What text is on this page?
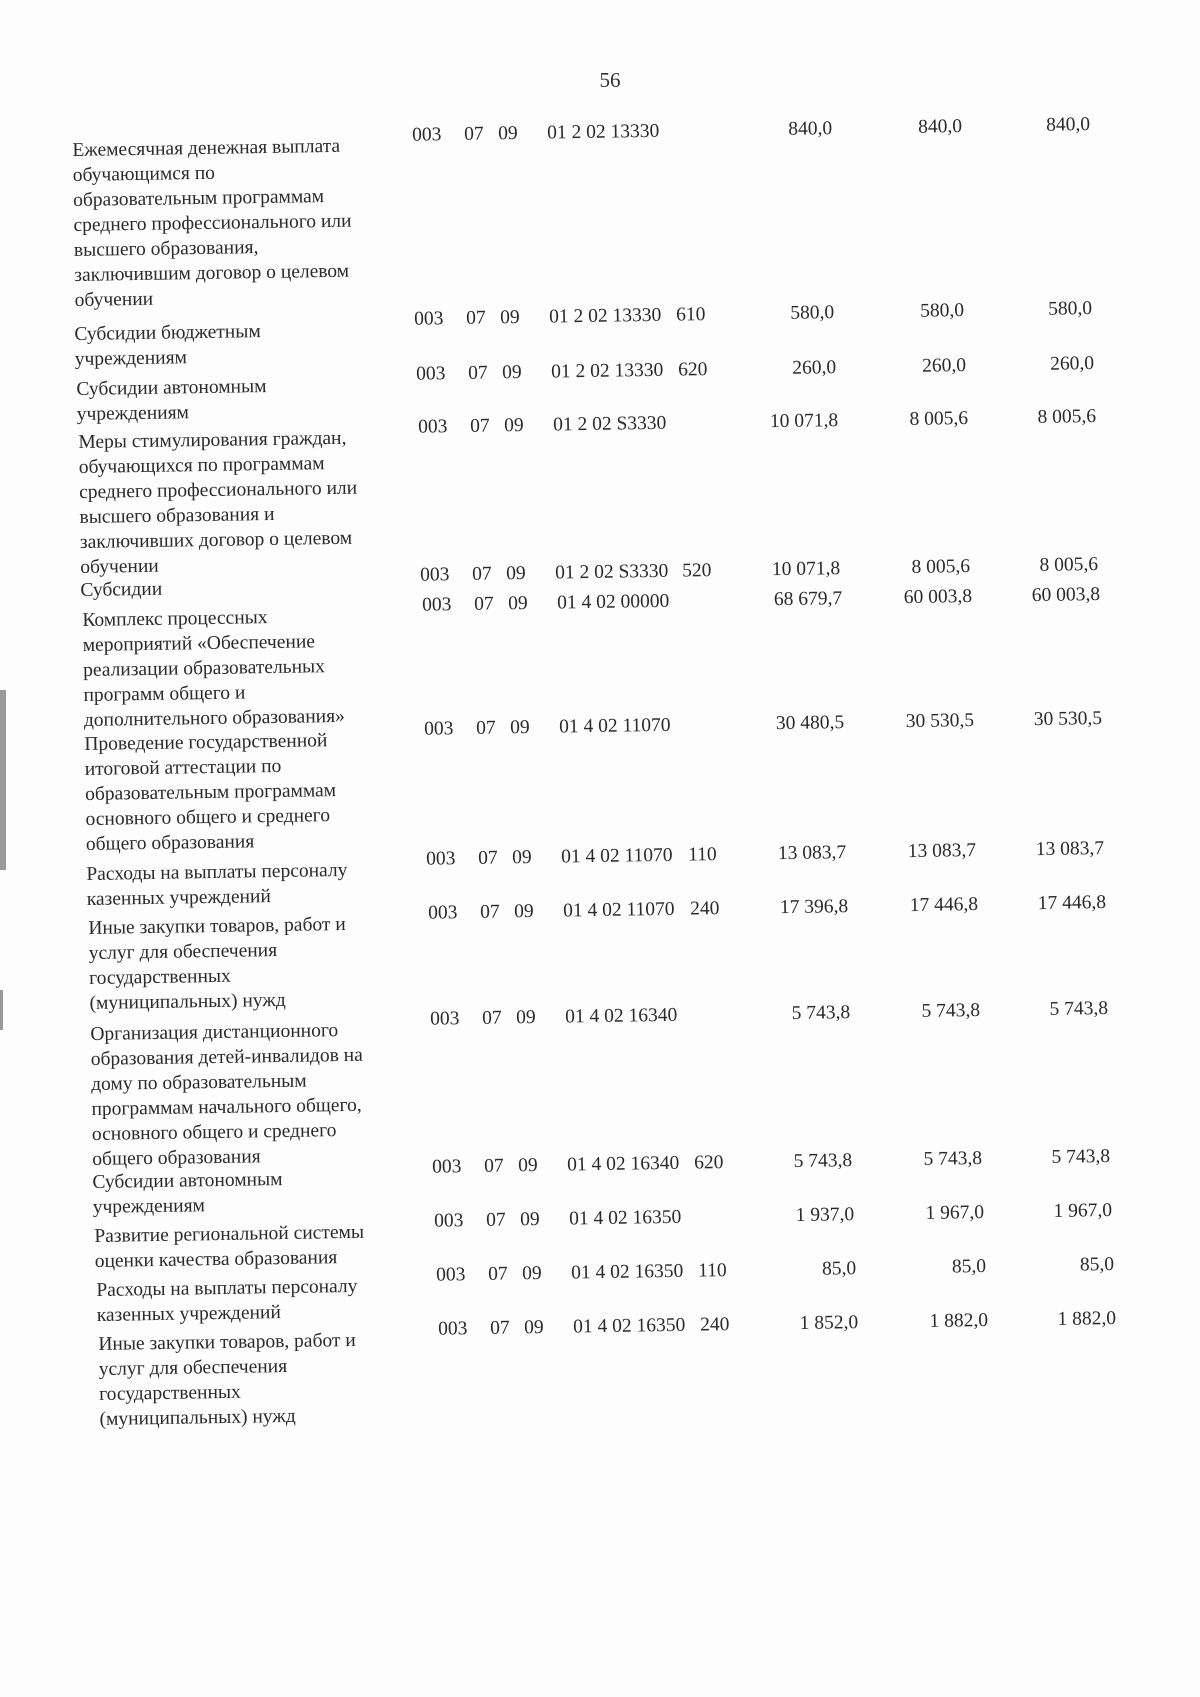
56
Ежемесячная денежная выплата
обучающимся по
образовательным программам
среднего профессионального или
высшего образования,
заключившим договор о целевом
обучении
003 07 09 01 2 02 13330	840,0	840,0	840,0
Субсидии бюджетным
учреждениям
003 07 09 01 2 02 13330 610	580,0	580,0	580,0
Субсидии автономным
учреждениям
003 07 09 01 2 02 13330 620	260,0	260,0	260,0
Меры стимулирования граждан,
обучающихся по программам
среднего профессионального или
высшего образования и
заключивших договор о целевом
обучении
003 07 09 01 2 02 S3330	10 071,8	8 005,6	8 005,6
Субсидии
003 07 09 01 2 02 S3330 520	10 071,8	8 005,6	8 005,6
Комплекс процессных
мероприятий «Обеспечение
реализации образовательных
программ общего и
дополнительного образования»
003 07 09 01 4 02 00000	68 679,7	60 003,8	60 003,8
Проведение государственной
итоговой аттестации по
образовательным программам
основного общего и среднего
общего образования
003 07 09 01 4 02 11070	30 480,5	30 530,5	30 530,5
Расходы на выплаты персоналу
казенных учреждений
003 07 09 01 4 02 11070 110	13 083,7	13 083,7	13 083,7
Иные закупки товаров, работ и
услуг для обеспечения
государственных
(муниципальных) нужд
003 07 09 01 4 02 11070 240	17 396,8	17 446,8	17 446,8
Организация дистанционного
образования детей-инвалидов на
дому по образовательным
программам начального общего,
основного общего и среднего
общего образования
003 07 09 01 4 02 16340	5 743,8	5 743,8	5 743,8
Субсидии автономным
учреждениям
003 07 09 01 4 02 16340 620	5 743,8	5 743,8	5 743,8
Развитие региональной системы
оценки качества образования
003 07 09 01 4 02 16350	1 937,0	1 967,0	1 967,0
Расходы на выплаты персоналу
казенных учреждений
003 07 09 01 4 02 16350 110	85,0	85,0	85,0
Иные закупки товаров, работ и
услуг для обеспечения
государственных
(муниципальных) нужд
003 07 09 01 4 02 16350 240	1 852,0	1 882,0	1 882,0
